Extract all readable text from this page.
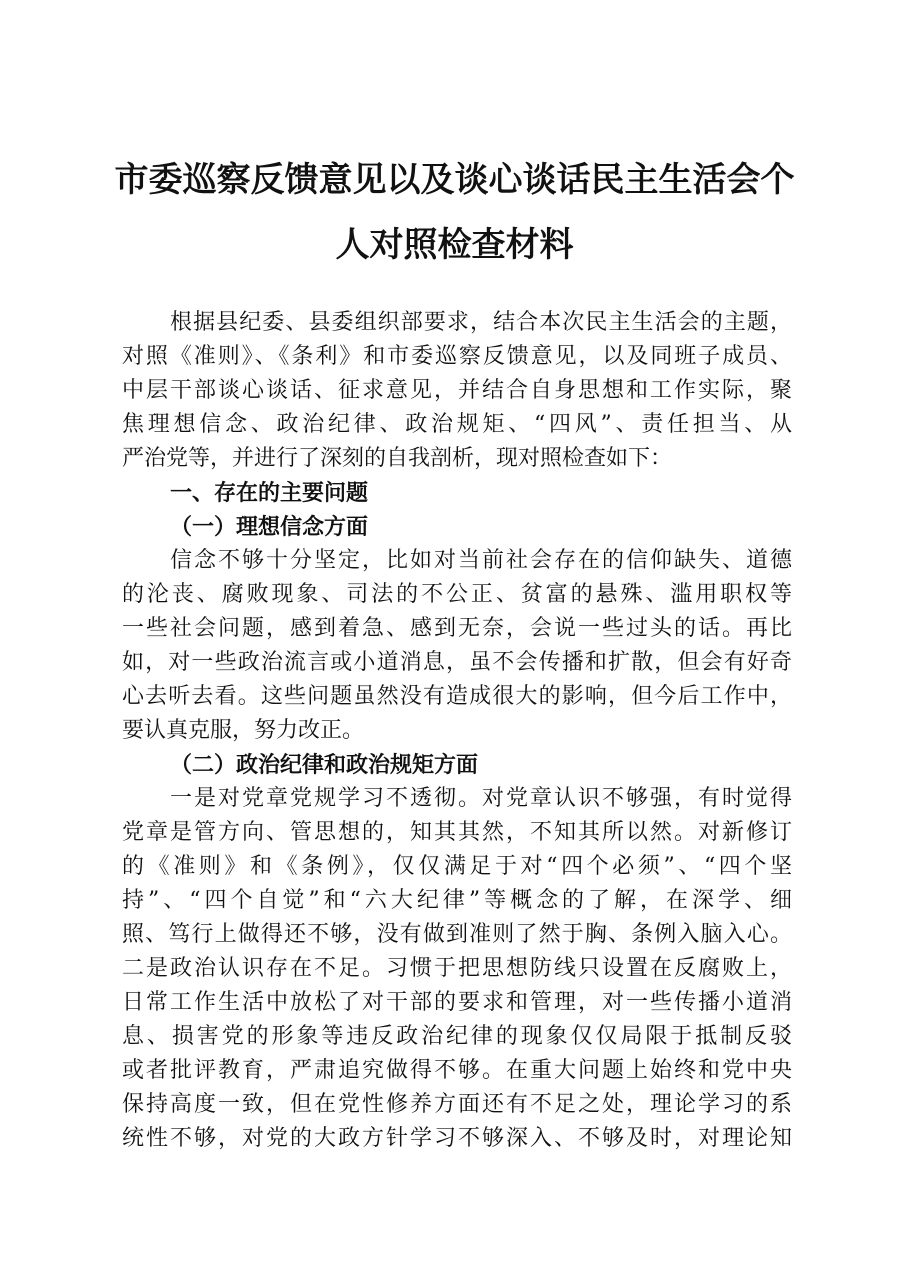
市委巡察反馈意见以及谈心谈话民主生活会个
人对照检查材料
根据县纪委、县委组织部要求，结合本次民主生活会的主题，
对照《准则》、《条利》和市委巡察反馈意见，以及同班子成员、
中层干部谈心谈话、征求意见，并结合自身思想和工作实际，聚
焦理想信念、政治纪律、政治规矩、“四风”、责任担当、从
严治党等，并进行了深刻的自我剖析，现对照检查如下：
一、存在的主要问题
（一）理想信念方面
信念不够十分坚定，比如对当前社会存在的信仰缺失、道德
的沦丧、腐败现象、司法的不公正、贫富的悬殊、滥用职权等
一些社会问题，感到着急、感到无奈，会说一些过头的话。再比
如，对一些政治流言或小道消息，虽不会传播和扩散，但会有好奇
心去听去看。这些问题虽然没有造成很大的影响，但今后工作中，
要认真克服，努力改正。
（二）政治纪律和政治规矩方面
一是对党章党规学习不透彻。对党章认识不够强，有时觉得
党章是管方向、管思想的，知其其然，不知其所以然。对新修订
的《准则》和《条例》，仅仅满足于对“四个必须”、“四个坚
持”、“四个自觉”和“六大纪律”等概念的了解，在深学、细
照、笃行上做得还不够，没有做到准则了然于胸、条例入脑入心。
二是政治认识存在不足。习惯于把思想防线只设置在反腐败上，
日常工作生活中放松了对干部的要求和管理，对一些传播小道消
息、损害党的形象等违反政治纪律的现象仅仅局限于抵制反驳
或者批评教育，严肃追究做得不够。在重大问题上始终和党中央
保持高度一致，但在党性修养方面还有不足之处，理论学习的系
统性不够，对党的大政方针学习不够深入、不够及时，对理论知
